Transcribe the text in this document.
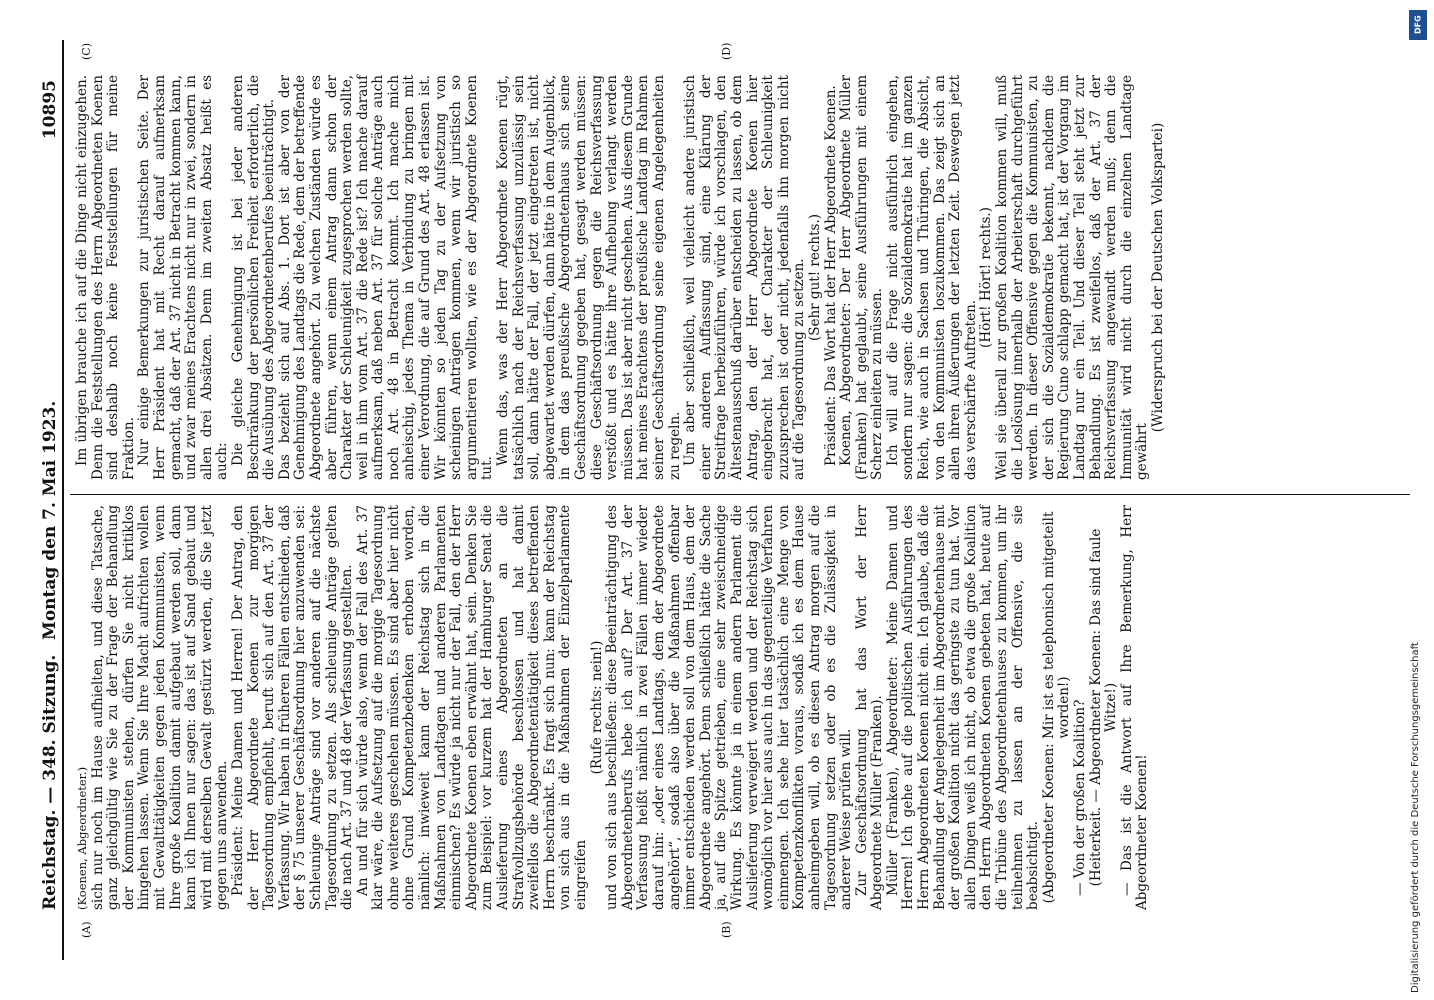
Reichstag. — 348. Sitzung.
Montag den 7. Mai 1923.
10895
(A)	(B)
(C)	(D)

(Koenen, Abgeordneter.) sich nur noch im Hause aufhielten, und diese Tatsache, ganz gleichgültig wie Sie zu der Frage der Behandlung der Kommunisten stehen, dürfen Sie nicht kritiklos hingehen lassen. Wenn Sie Ihre Macht aufrichten wollen mit Gewalttätigkeiten gegen jeden Kommunisten, wenn Ihre große Koalition damit aufgebaut werden soll, dann kann ich Ihnen nur sagen: das ist auf Sand gebaut und wird mit derselben Gewalt gestürzt werden, die Sie jetzt gegen uns anwenden. Präsident: Meine Damen und Herren! Der Antrag, den der Herr Abgeordnete Koenen zur morgigen Tagesordnung empfiehlt, beruft sich auf den Art. 37 der Verfassung. Wir haben in früheren Fällen entschieden, daß der § 75 unserer Geschäftsordnung hier anzuwenden sei: Schleunige Anträge sind vor anderen auf die nächste Tagesordnung zu setzen. Als schleunige Anträge gelten die nach Art. 37 und 48 der Verfassung gestellten. An und für sich würde also, wenn der Fall des Art. 37 klar wäre, die Aufsetzung auf die morgige Tagesordnung ohne weiteres geschehen müssen. Es sind aber hier nicht ohne Grund Kompetenzbedenken erhoben worden, nämlich: inwieweit kann der Reichstag sich in die Maßnahmen von Landtagen und anderen Parlamenten einmischen? Es würde ja nicht nur der Fall, den der Herr Abgeordnete Koenen eben erwähnt hat, sein. Denken Sie zum Beispiel: vor kurzem hat der Hamburger Senat die Auslieferung eines Abgeordneten an die Strafvollzugsbehörde beschlossen und hat damit zweifellos die Abgeordnetentätigkeit dieses betreffenden Herrn beschränkt. Es fragt sich nun: kann der Reichstag von sich aus in die Maßnahmen der Einzelparlamente eingreifen

(Rufe rechts: nein!) und von sich aus beschließen: diese Beeinträchtigung des Abgeordnetenberufs hebe ich auf? Der Art. 37 der Verfassung heißt nämlich in zwei Fällen immer wieder darauf hin: „oder eines Landtags, dem der Abgeordnete angehört“, sodaß also über die Maßnahmen offenbar immer entschieden werden soll von dem Haus, dem der Abgeordnete angehört. Denn schließlich hätte die Sache ja, auf die Spitze getrieben, eine sehr zweischneidige Wirkung. Es könnte ja in einem andern Parlament die Auslieferung verweigert werden und der Reichstag sich womöglich vor hier aus auch in das gegenteilige Verfahren einmengen. Ich sehe hier tatsächlich eine Menge von Kompetenzkonflikten voraus, sodaß ich es dem Hause anheimgeben will, ob es diesen Antrag morgen auf die Tagesordnung setzen oder ob es die Zulässigkeit in anderer Weise prüfen will. Zur Geschäftsordnung hat das Wort der Herr Abgeordnete Müller (Franken). Müller (Franken), Abgeordneter: Meine Damen und Herren! Ich gehe auf die politischen Ausführungen des Herrn Abgeordneten Koenen nicht ein. Ich glaube, daß die Behandlung der Angelegenheit im Abgeordnetenhause mit der großen Koalition nicht das geringste zu tun hat. Vor allen Dingen weiß ich nicht, ob etwa die große Koalition den Herrn Abgeordneten Koenen gebeten hat, heute auf die Tribüne des Abgeordnetenhauses zu kommen, um ihr teilnehmen zu lassen an der Offensive, die sie beabsichtigt. (Abgeordneter Koenen: Mir ist es telephonisch mitgeteilt worden!) — Von der großen Koalition? (Heiterkeit. — Abgeordneter Koenen: Das sind faule Witze!) — Das ist die Antwort auf Ihre Bemerkung, Herr Abgeordneter Koenen!

Im übrigen brauche ich auf die Dinge nicht einzugehen. Denn die Feststellungen des Herrn Abgeordneten Koenen sind deshalb noch keine Feststellungen für meine Fraktion. Nur einige Bemerkungen zur juristischen Seite. Der Herr Präsident hat mit Recht darauf aufmerksam gemacht, daß der Art. 37 nicht in Betracht kommen kann, und zwar meines Erachtens nicht nur in zwei, sondern in allen drei Absätzen. Denn im zweiten Absatz heißt es auch: Die gleiche Genehmigung ist bei jeder anderen Beschränkung der persönlichen Freiheit erforderlich, die die Ausübung des Abgeordnetenberufes beeinträchtigt. Das bezieht sich auf Abs. 1. Dort ist aber von der Genehmigung des Landtags die Rede, dem der betreffende Abgeordnete angehört. Zu welchen Zuständen würde es aber führen, wenn einem Antrag dann schon der Charakter der Schleunigkeit zugesprochen werden sollte, weil in ihm vom Art. 37 die Rede ist? Ich mache darauf aufmerksam, daß neben Art. 37 für solche Anträge auch noch Art. 48 in Betracht kommt. Ich mache mich anheischig, jedes Thema in Verbindung zu bringen mit einer Verordnung, die auf Grund des Art. 48 erlassen ist. Wir könnten so jeden Tag zu der Aufsetzung von scheinigen Anträgen kommen, wenn wir juristisch so argumentieren wollten, wie es der Abgeordnete Koenen tut.

Wenn das, was der Herr Abgeordnete Koenen rügt, tatsächlich nach der Reichsverfassung unzulässig sein soll, dann hätte der Fall, der jetzt eingetreten ist, nicht abgewartet werden dürfen, dann hätte in dem Augenblick, in dem das preußische Abgeordnetenhaus sich seine Geschäftsordnung gegeben hat, gesagt werden müssen: diese Geschäftsordnung gegen die Reichsverfassung verstößt und es hätte ihre Aufhebung verlangt werden müssen. Das ist aber nicht geschehen. Aus diesem Grunde hat meines Erachtens der preußische Landtag im Rahmen seiner Geschäftsordnung seine eigenen Angelegenheiten zu regeln. Um aber schließlich, weil vielleicht andere juristisch einer anderen Auffassung sind, eine Klärung der Streitfrage herbeizuführen, würde ich vorschlagen, den Ältestenausschuß darüber entscheiden zu lassen, ob dem Antrag, den der Herr Abgeordnete Koenen hier eingebracht hat, der Charakter der Schleunigkeit zuzusprechen ist oder nicht, jedenfalls ihn morgen nicht auf die Tagesordnung zu setzen. (Sehr gut! rechts.) Präsident: Das Wort hat der Herr Abgeordnete Koenen. Koenen, Abgeordneter: Der Herr Abgeordnete Müller (Franken) hat geglaubt, seine Ausführungen mit einem Scherz einleiten zu müssen. Ich will auf die Frage nicht ausführlich eingehen, sondern nur sagen: die Sozialdemokratie hat im ganzen Reich, wie auch in Sachsen und Thüringen, die Absicht, von den Kommunisten loszukommen. Das zeigt sich an allen ihren Äußerungen der letzten Zeit. Deswegen jetzt das verschärfte Auftreten.

(Hört! Hört! rechts.) Weil sie überall zur großen Koalition kommen will, muß die Loslösung innerhalb der Arbeiterschaft durchgeführt werden. In dieser Offensive gegen die Kommunisten, zu der sich die Sozialdemokratie bekennt, nachdem die Regierung Cuno schlapp gemacht hat, ist der Vorgang im Landtag nur ein Teil. Und dieser Teil steht jetzt zur Behandlung. Es ist zweifellos, daß der Art. 37 der Reichsverfassung angewandt werden muß; denn die Immunität wird nicht durch die einzelnen Landtage gewährt

(Widerspruch bei der Deutschen Volkspartei)

DFG
Digitalisierung gefördert durch die Deutsche Forschungsgemeinschaft
